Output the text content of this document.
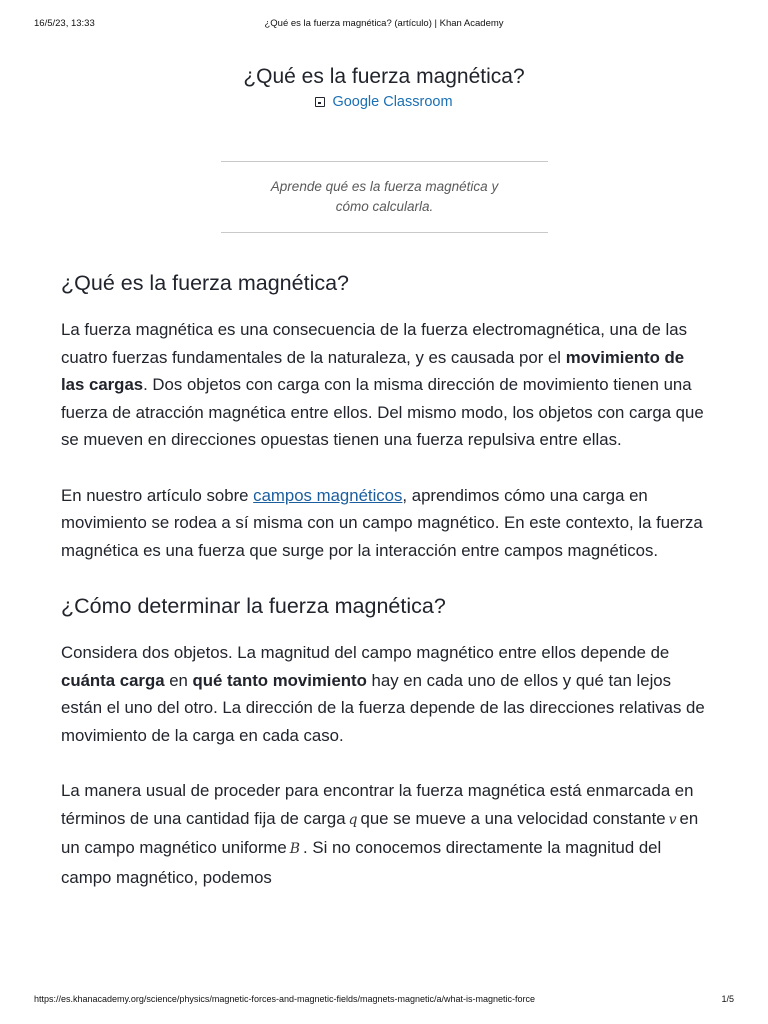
16/5/23, 13:33	¿Qué es la fuerza magnética? (artículo) | Khan Academy
¿Qué es la fuerza magnética?
Google Classroom

Aprende qué es la fuerza magnética y cómo calcularla.

¿Qué es la fuerza magnética?

La fuerza magnética es una consecuencia de la fuerza electromagnética, una de las cuatro fuerzas fundamentales de la naturaleza, y es causada por el movimiento de las cargas. Dos objetos con carga con la misma dirección de movimiento tienen una fuerza de atracción magnética entre ellos. Del mismo modo, los objetos con carga que se mueven en direcciones opuestas tienen una fuerza repulsiva entre ellas.

En nuestro artículo sobre campos magnéticos, aprendimos cómo una carga en movimiento se rodea a sí misma con un campo magnético. En este contexto, la fuerza magnética es una fuerza que surge por la interacción entre campos magnéticos.

¿Cómo determinar la fuerza magnética?

Considera dos objetos. La magnitud del campo magnético entre ellos depende de cuánta carga en qué tanto movimiento hay en cada uno de ellos y qué tan lejos están el uno del otro. La dirección de la fuerza depende de las direcciones relativas de movimiento de la carga en cada caso.

La manera usual de proceder para encontrar la fuerza magnética está enmarcada en términos de una cantidad fija de carga q que se mueve a una velocidad constante v en un campo magnético uniforme B . Si no conocemos directamente la magnitud del campo magnético, podemos

https://es.khanacademy.org/science/physics/magnetic-forces-and-magnetic-fields/magnets-magnetic/a/what-is-magnetic-force	1/5
